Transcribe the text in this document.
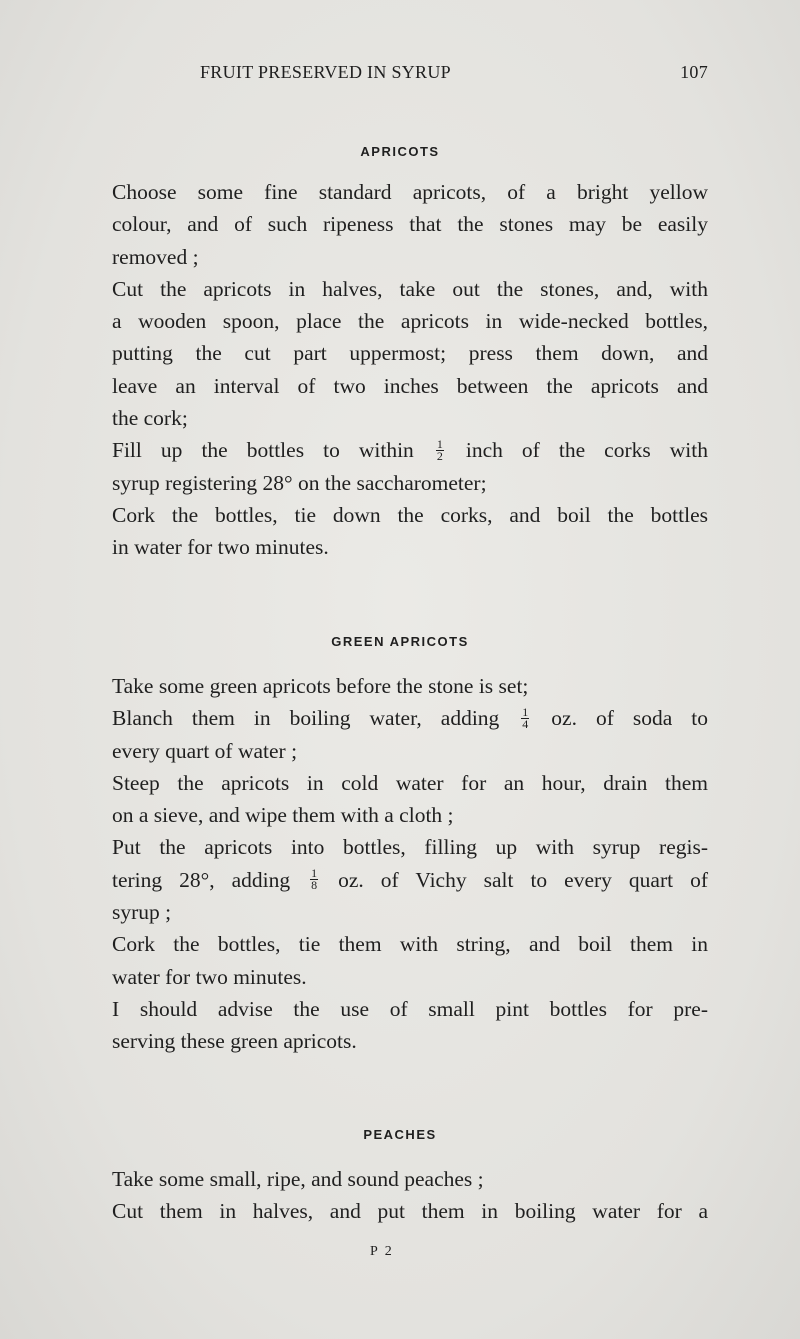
FRUIT PRESERVED IN SYRUP	107
APRICOTS
Choose some fine standard apricots, of a bright yellow
colour, and of such ripeness that the stones may be easily
removed ;
Cut the apricots in halves, take out the stones, and, with
a wooden spoon, place the apricots in wide-necked bottles,
putting the cut part uppermost; press them down, and
leave an interval of two inches between the apricots and
the cork;
Fill up the bottles to within $\frac{1}{2}$ inch of the corks with
syrup registering 28° on the saccharometer;
Cork the bottles, tie down the corks, and boil the bottles
in water for two minutes.
GREEN APRICOTS
Take some green apricots before the stone is set;
Blanch them in boiling water, adding $\frac{1}{4}$ oz. of soda to
every quart of water ;
Steep the apricots in cold water for an hour, drain them
on a sieve, and wipe them with a cloth ;
Put the apricots into bottles, filling up with syrup regis-
tering 28°, adding $\frac{1}{8}$ oz. of Vichy salt to every quart of
syrup ;
Cork the bottles, tie them with string, and boil them in
water for two minutes.
I should advise the use of small pint bottles for pre-
serving these green apricots.
PEACHES
Take some small, ripe, and sound peaches ;
Cut them in halves, and put them in boiling water for a
P 2
